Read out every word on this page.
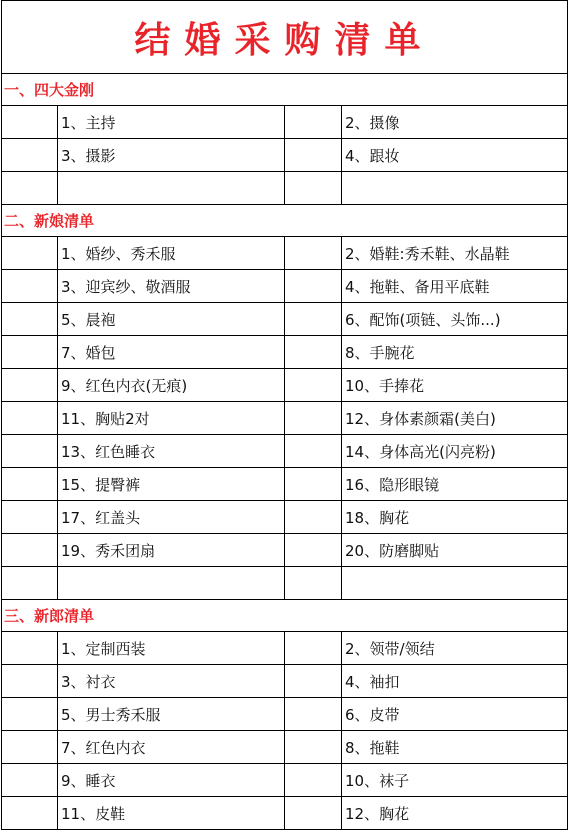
结婚采购清单
一、四大金刚
1、主持	2、摄像
3、摄影	4、跟妆
二、新娘清单
1、婚纱、秀禾服	2、婚鞋:秀禾鞋、水晶鞋
3、迎宾纱、敬酒服	4、拖鞋、备用平底鞋
5、晨袍	6、配饰(项链、头饰...)
7、婚包	8、手腕花
9、红色内衣(无痕)	10、手捧花
11、胸贴2对	12、身体素颜霜(美白)
13、红色睡衣	14、身体高光(闪亮粉)
15、提臀裤	16、隐形眼镜
17、红盖头	18、胸花
19、秀禾团扇	20、防磨脚贴
三、新郎清单
1、定制西装	2、领带/领结
3、衬衣	4、袖扣
5、男士秀禾服	6、皮带
7、红色内衣	8、拖鞋
9、睡衣	10、袜子
11、皮鞋	12、胸花
